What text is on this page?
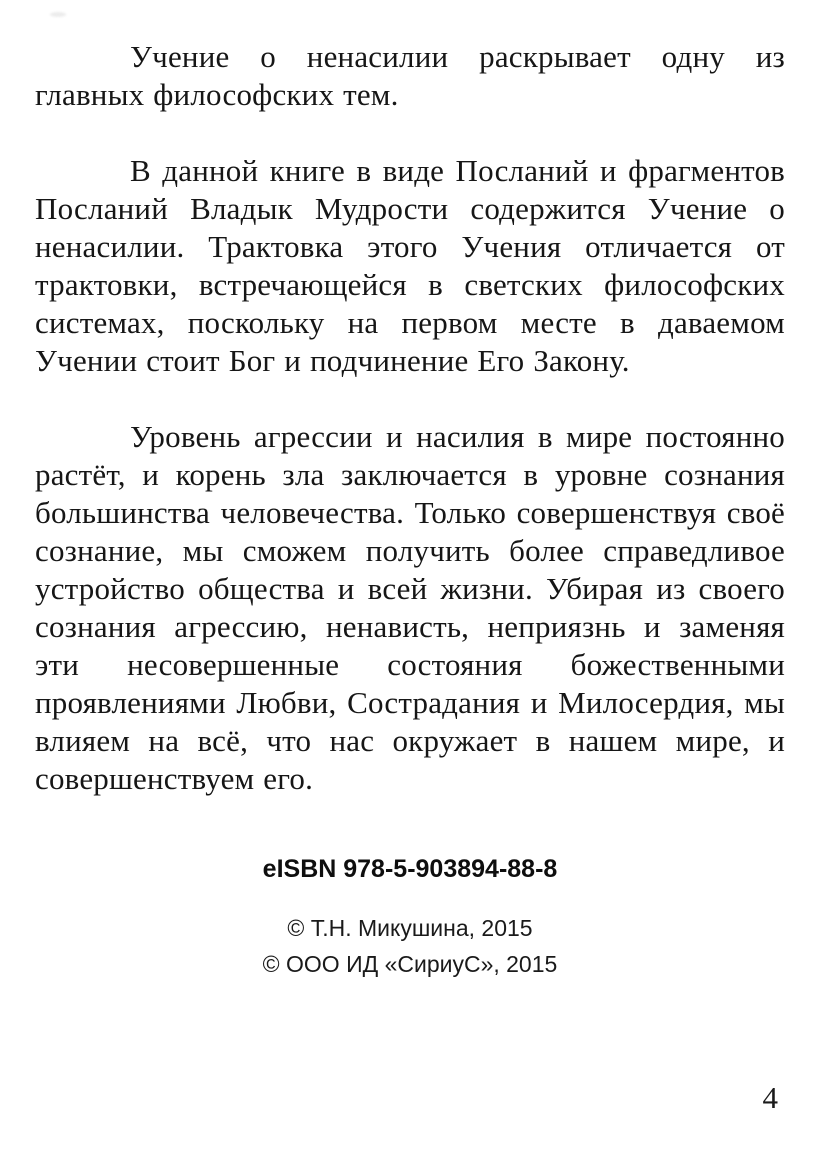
Учение о ненасилии раскрывает одну из главных философских тем.

В данной книге в виде Посланий и фрагментов Посланий Владык Мудрости содержится Учение о ненасилии. Трактовка этого Учения отличается от трактовки, встречающейся в светских философских системах, поскольку на первом месте в даваемом Учении стоит Бог и подчинение Его Закону.

Уровень агрессии и насилия в мире постоянно растёт, и корень зла заключается в уровне сознания большинства человечества. Только совершенствуя своё сознание, мы сможем получить более справедливое устройство общества и всей жизни. Убирая из своего сознания агрессию, ненависть, неприязнь и заменяя эти несовершенные состояния божественными проявлениями Любви, Сострадания и Милосердия, мы влияем на всё, что нас окружает в нашем мире, и совершенствуем его.

eISBN 978-5-903894-88-8
© Т.Н. Микушина, 2015
© ООО ИД «СириуС», 2015
4
